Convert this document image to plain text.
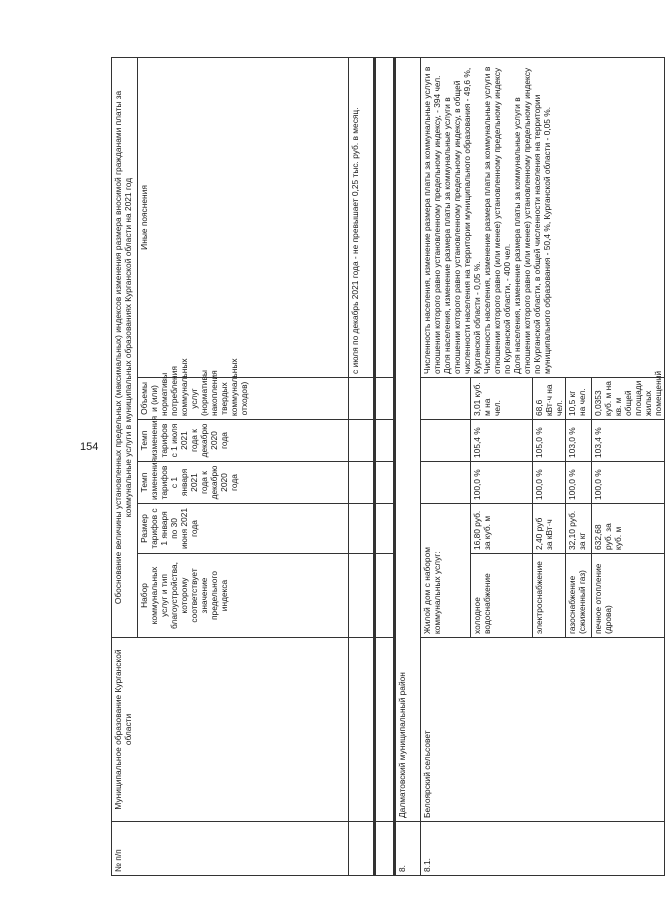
154
№ п/п	Муниципальное образование Курганской области	Обоснование величины установленных предельных (максимальных) индексов изменения размера вносимой гражданами платы за коммунальные услуги в муниципальных образованиях Курганской области на 2021 год					
		Набор коммунальных услуг и тип благоустройства, которому соответствует значение предельного индекса	Размер тарифов с 1 января по 30 июня 2021 года	Темп изменения тарифов с 1 января 2021 года к декабрю 2020 года	Темп изменения тарифов с 1 июля 2021 года к декабрю 2020 года	Объемы и (или) нормативы потребления коммунальных услуг (нормативы накопления твердых коммунальных отходов)	Иные пояснения
							с июля по декабрь 2021 года - не превышает 0,25 тыс. руб. в месяц.

8.	Далматовский муниципальный район						
8.1.	Белоярский сельсовет	Жилой дом с набором коммунальных услуг:					Численность населения, изменение размера платы за коммунальные услуги в отношении которого равно установленному предельному индексу, - 394 чел. Доля населения, изменение размера платы за коммунальные услуги в отношении которого равно установленному предельному индексу, в общей численности населения на территории муниципального образования - 49,6 %, Курганской области - 0,05 %. Численность населения, изменение размера платы за коммунальные услуги в отношении которого равно (или менее) установленному предельному индексу по Курганской области, - 400 чел. Доля населения, изменение размера платы за коммунальные услуги в отношении которого равно (или менее) установленному предельному индексу по Курганской области, в общей численности населения на территории муниципального образования - 50,4 %, Курганской области - 0,05 %.

		холодное водоснабжение	16,80 руб. за куб. м	100,0 %	105,4 %	3,01 куб. м на чел.	
		электроснабжение	2,40 руб за кВт·ч	100,0 %	105,0 %	68,6 кВт·ч на чел.	
		газоснабжение (сжиженный газ)	32,10 руб. за кг	100,0 %	103,0 %	10,5 кг на чел.	
		печное отопление (дрова)	632,68 руб. за куб. м	100,0 %	103,4 %	0,0353 куб. м на кв. м общей площади жилых помещений	
